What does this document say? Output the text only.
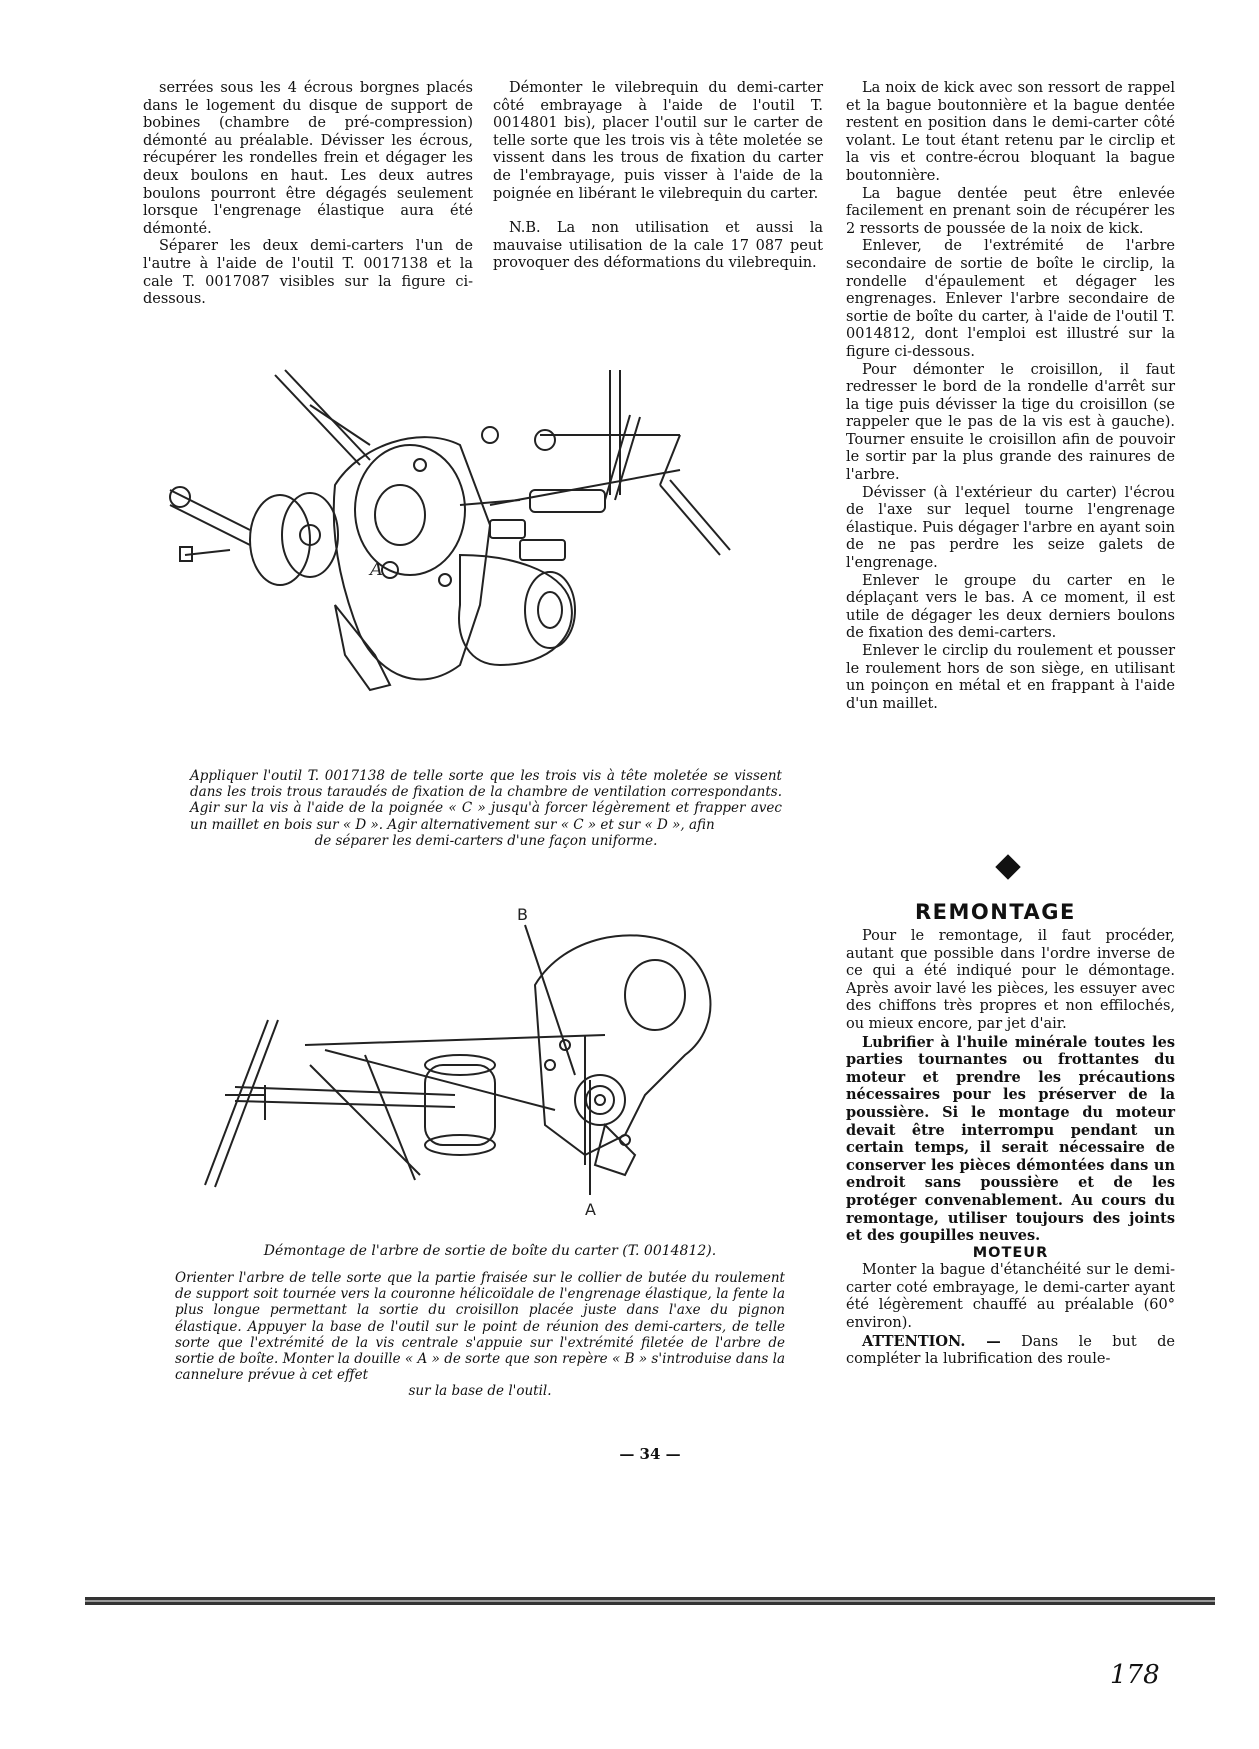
serrées sous les 4 écrous borgnes placés dans le logement du disque de support de bobines (chambre de pré-compression) démonté au préalable. Dévisser les écrous, récupérer les rondelles frein et dégager les deux boulons en haut. Les deux autres boulons pourront être dégagés seulement lorsque l'engrenage élastique aura été démonté.

Séparer les deux demi-carters l'un de l'autre à l'aide de l'outil T. 0017138 et la cale T. 0017087 visibles sur la figure ci-dessous.

Démonter le vilebrequin du demi-carter côté embrayage à l'aide de l'outil T. 0014801 bis), placer l'outil sur le carter de telle sorte que les trois vis à tête moletée se vissent dans les trous de fixation du carter de l'embrayage, puis visser à l'aide de la poignée en libérant le vilebrequin du carter.

N.B. La non utilisation et aussi la mauvaise utilisation de la cale 17 087 peut provoquer des déformations du vilebrequin.

La noix de kick avec son ressort de rappel et la bague boutonnière et la bague dentée restent en position dans le demi-carter côté volant. Le tout étant retenu par le circlip et la vis et contre-écrou bloquant la bague boutonnière.

La bague dentée peut être enlevée facilement en prenant soin de récupérer les 2 ressorts de poussée de la noix de kick.

Enlever, de l'extrémité de l'arbre secondaire de sortie de boîte le circlip, la rondelle d'épaulement et dégager les engrenages. Enlever l'arbre secondaire de sortie de boîte du carter, à l'aide de l'outil T. 0014812, dont l'emploi est illustré sur la figure ci-dessous.

Pour démonter le croisillon, il faut redresser le bord de la rondelle d'arrêt sur la tige puis dévisser la tige du croisillon (se rappeler que le pas de la vis est à gauche). Tourner ensuite le croisillon afin de pouvoir le sortir par la plus grande des rainures de l'arbre.

Dévisser (à l'extérieur du carter) l'écrou de l'axe sur lequel tourne l'engrenage élastique. Puis dégager l'arbre en ayant soin de ne pas perdre les seize galets de l'engrenage.

Enlever le groupe du carter en le déplaçant vers le bas. A ce moment, il est utile de dégager les deux derniers boulons de fixation des demi-carters.

Enlever le circlip du roulement et pousser le roulement hors de son siège, en utilisant un poinçon en métal et en frappant à l'aide d'un maillet.

A
Appliquer l'outil T. 0017138 de telle sorte que les trois vis à tête moletée se vissent dans les trois trous taraudés de fixation de la chambre de ventilation correspondants. Agir sur la vis à l'aide de la poignée « C » jusqu'à forcer légèrement et frapper avec un maillet en bois sur « D ». Agir alternativement sur « C » et sur « D », afin
de séparer les demi-carters d'une façon uniforme.
B
A
Démontage de l'arbre de sortie de boîte du carter (T. 0014812).
Orienter l'arbre de telle sorte que la partie fraisée sur le collier de butée du roulement de support soit tournée vers la couronne hélicoïdale de l'engrenage élastique, la fente la plus longue permettant la sortie du croisillon placée juste dans l'axe du pignon élastique. Appuyer la base de l'outil sur le point de réunion des demi-carters, de telle sorte que l'extrémité de la vis centrale s'appuie sur l'extrémité filetée de l'arbre de sortie de boîte. Monter la douille « A » de sorte que son repère « B » s'introduise dans la cannelure prévue à cet effet
sur la base de l'outil.
REMONTAGE

Pour le remontage, il faut procéder, autant que possible dans l'ordre inverse de ce qui a été indiqué pour le démontage. Après avoir lavé les pièces, les essuyer avec des chiffons très propres et non effilochés, ou mieux encore, par jet d'air.

Lubrifier à l'huile minérale toutes les parties tournantes ou frottantes du moteur et prendre les précautions nécessaires pour les préserver de la poussière. Si le montage du moteur devait être interrompu pendant un certain temps, il serait nécessaire de conserver les pièces démontées dans un endroit sans poussière et de les protéger convenablement. Au cours du remontage, utiliser toujours des joints et des goupilles neuves.

MOTEUR

Monter la bague d'étanchéité sur le demi-carter coté embrayage, le demi-carter ayant été légèrement chauffé au préalable (60° environ).

ATTENTION. — Dans le but de compléter la lubrification des roule-

— 34 —
178
